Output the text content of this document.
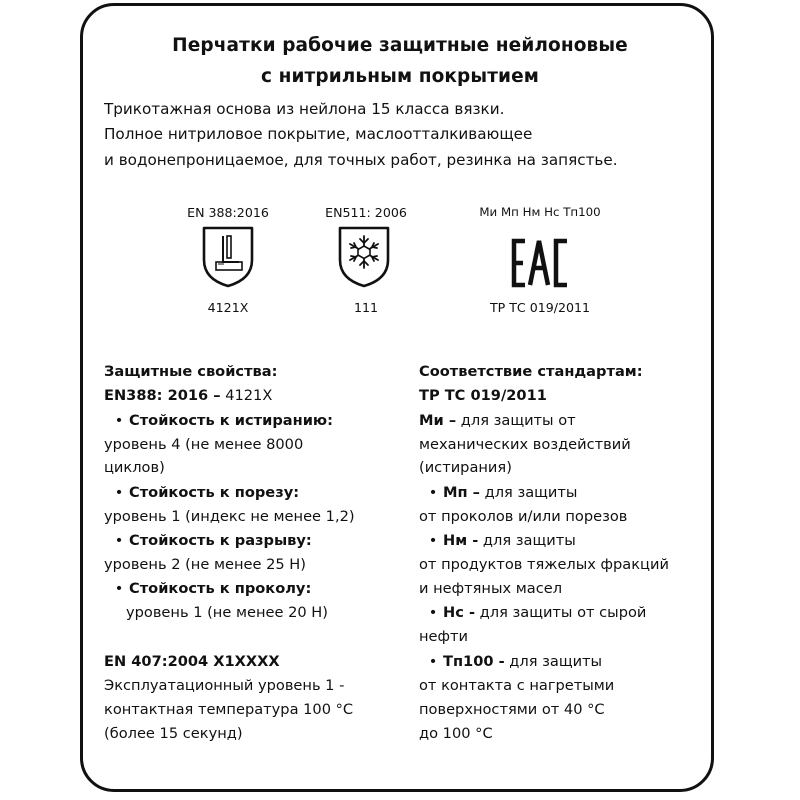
Перчатки рабочие защитные нейлоновые
с нитрильным покрытием
Трикотажная основа из нейлона 15 класса вязки.
Полное нитриловое покрытие, маслоотталкивающее
и водонепроницаемое, для точных работ, резинка на запястье.
EN 388:2016
4121X
EN511: 2006
111
Ми Мп Нм Нс Тп100
ТР ТС 019/2011
Защитные свойства:
EN388: 2016 – 4121X
• Стойкость к истиранию:
уровень 4 (не менее 8000
циклов)
• Стойкость к порезу:
уровень 1 (индекс не менее 1,2)
• Стойкость к разрыву:
уровень 2 (не менее 25 Н)
• Стойкость к проколу:
уровень 1 (не менее 20 Н)
EN 407:2004 X1XXXX
Эксплуатационный уровень 1 -
контактная температура 100 °С
(более 15 секунд)
Соответствие стандартам:
ТР ТС 019/2011
Ми – для защиты от
механических воздействий
(истирания)
• Мп – для защиты
от проколов и/или порезов
• Нм - для защиты
от продуктов тяжелых фракций
и нефтяных масел
• Нс - для защиты от сырой
нефти
• Тп100 - для защиты
от контакта с нагретыми
поверхностями от 40 °С
до 100 °С
